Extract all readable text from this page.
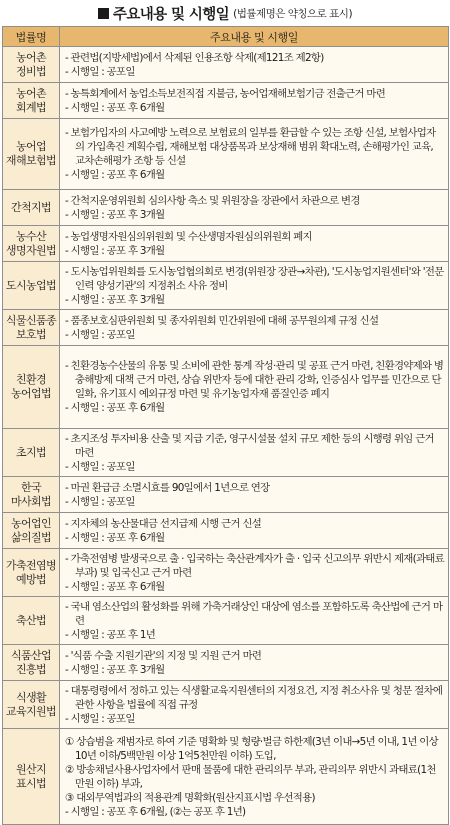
주요내용 및 시행일 (법률제명은 약칭으로 표시)
법률명	주요내용 및 시행일

농어촌
정비법	- 관련법(지방세법)에서 삭제된 인용조항 삭제(제121조 제2항)
- 시행일 : 공포일

농어촌
회계법	- 농특회계에서 농업소득보전직접 지불금, 농어업재해보험기금 전출근거 마련
- 시행일 : 공포 후 6개월

농어업
재해보험법	- 보험가입자의 사고예방 노력으로 보험료의 일부를 환급할 수 있는 조항 신설, 보험사업자의 가입촉진 계획수립, 재해보험 대상품목과 보상재해 범위 확대노력, 손해평가인 교육, 교차손해평가 조항 등 신설
- 시행일 : 공포 후 6개월

간척지법	- 간척지운영위원회 심의사항 축소 및 위원장을 장관에서 차관으로 변경
- 시행일 : 공포 후 3개월

농수산
생명자원법	- 농업생명자원심의위원회 및 수산생명자원심의위원회 폐지
- 시행일 : 공포 후 3개월

도시농업법	- 도시농업위원회를 도시농업협의회로 변경(위원장 장관→차관), '도시농업지원센터'와 '전문인력 양성기관'의 지정취소 사유 정비
- 시행일 : 공포 후 3개월

식물신품종
보호법	- 품종보호심판위원회 및 종자위원회 민간위원에 대해 공무원의제 규정 신설
- 시행일 : 공포일

친환경
농어업법	- 친환경농수산물의 유통 및 소비에 관한 통계 작성·관리 및 공표 근거 마련, 친환경약제와 병충해방제 대책 근거 마련, 상습 위반자 등에 대한 관리 강화, 인증심사 업무를 민간으로 단일화, 유기표시 예외규정 마련 및 유기농업자재 품질인증 폐지
- 시행일 : 공포 후 6개월

초지법	- 초지조성 투자비용 산출 및 지급 기준, 영구시설물 설치 규모 제한 등의 시행령 위임 근거 마련
- 시행일 : 공포일

한국
마사회법	- 마권 환급금 소멸시효를 90일에서 1년으로 연장
- 시행일 : 공포일

농어업인
삶의질법	- 지자체의 농산물대금 선지급제 시행 근거 신설
- 시행일 : 공포 후 6개월

가축전염병
예방법	- 가축전염병 발생국으로 출 · 입국하는 축산관계자가 출 · 입국 신고의무 위반시 제재(과태료 부과) 및 입국신고 근거 마련
- 시행일 : 공포 후 6개월

축산법	- 국내 염소산업의 활성화를 위해 가축거래상인 대상에 염소를 포함하도록 축산법에 근거 마련
- 시행일 : 공포 후 1년

식품산업
진흥법	- '식품 수출 지원기관'의 지정 및 지원 근거 마련
- 시행일 : 공포 후 3개월

식생활
교육지원법	- 대통령령에서 정하고 있는 식생활교육지원센터의 지정요건, 지정 취소사유 및 청문 절차에 관한 사항을 법률에 직접 규정
- 시행일 : 공포일

원산지
표시법	① 상습범을 재범자로 하여 기준 명확화 및 형량·벌금 하한제(3년 이내→5년 이내, 1년 이상 10년 이하/5백만원 이상 1억5천만원 이하) 도입,
② 방송채널사용사업자에서 판매 물품에 대한 관리의무 부과, 관리의무 위반시 과태료(1천만원 이하) 부과,
③ 대외무역법과의 적용관계 명확화(원산지표시법 우선적용)
- 시행일 : 공포 후 6개월, (②는 공포 후 1년)
